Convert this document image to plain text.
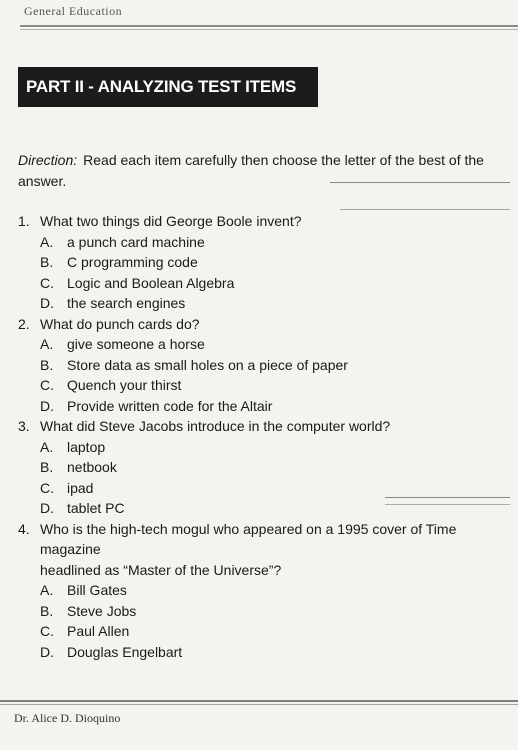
General Education
PART II - ANALYZING TEST ITEMS
Direction: Read each item carefully then choose the letter of the best of the
answer.
1. What two things did George Boole invent?
A. a punch card machine
B. C programming code
C. Logic and Boolean Algebra
D. the search engines
2. What do punch cards do?
A. give someone a horse
B. Store data as small holes on a piece of paper
C. Quench your thirst
D. Provide written code for the Altair
3. What did Steve Jacobs introduce in the computer world?
A. laptop
B. netbook
C. ipad
D. tablet PC
4. Who is the high-tech mogul who appeared on a 1995 cover of Time magazine
headlined as “Master of the Universe”?
A. Bill Gates
B. Steve Jobs
C. Paul Allen
D. Douglas Engelbart
Dr. Alice D. Dioquino
